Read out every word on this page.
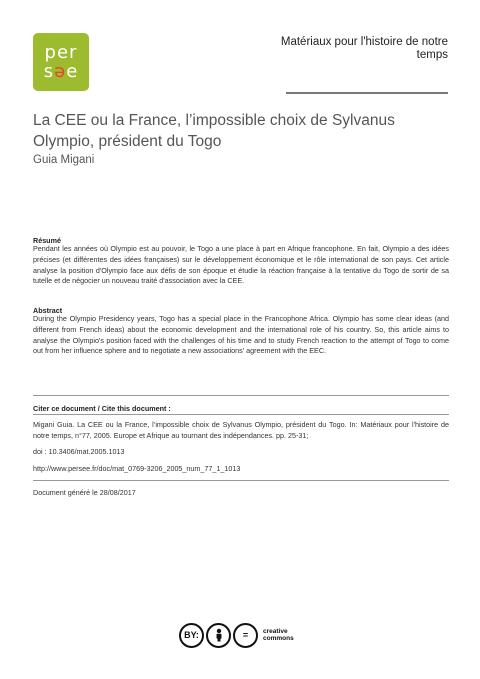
per
səe
Matériaux pour l'histoire de notre temps
La CEE ou la France, l’impossible choix de Sylvanus Olympio, président du Togo
Guia Migani
Résumé
Pendant les années où Olympio est au pouvoir, le Togo a une place à part en Afrique francophone. En fait, Olympio a des idées précises (et différentes des idées françaises) sur le développement économique et le rôle international de son pays. Cet article analyse la position d'Olympio face aux défis de son époque et étudie la réaction française à la tentative du Togo de sortir de sa tutelle et de négocier un nouveau traité d'association avec la CEE.
Abstract
During the Olympio Presidency years, Togo has a special place in the Francophone Africa. Olympio has some clear ideas (and different from French ideas) about the economic development and the international role of his country. So, this article aims to analyse the Olympio's position faced with the challenges of his time and to study French reaction to the attempt of Togo to come out from her influence sphere and to negotiate a new associations' agreement with the EEC.
Citer ce document / Cite this document :
Migani Guia. La CEE ou la France, l’impossible choix de Sylvanus Olympio, président du Togo. In: Matériaux pour l'histoire de notre temps, n°77, 2005. Europe et Afrique au tournant des indépendances. pp. 25-31;
doi : 10.3406/mat.2005.1013
http://www.persee.fr/doc/mat_0769-3206_2005_num_77_1_1013
Document généré le 28/08/2017
BY:	=	creative
commons
